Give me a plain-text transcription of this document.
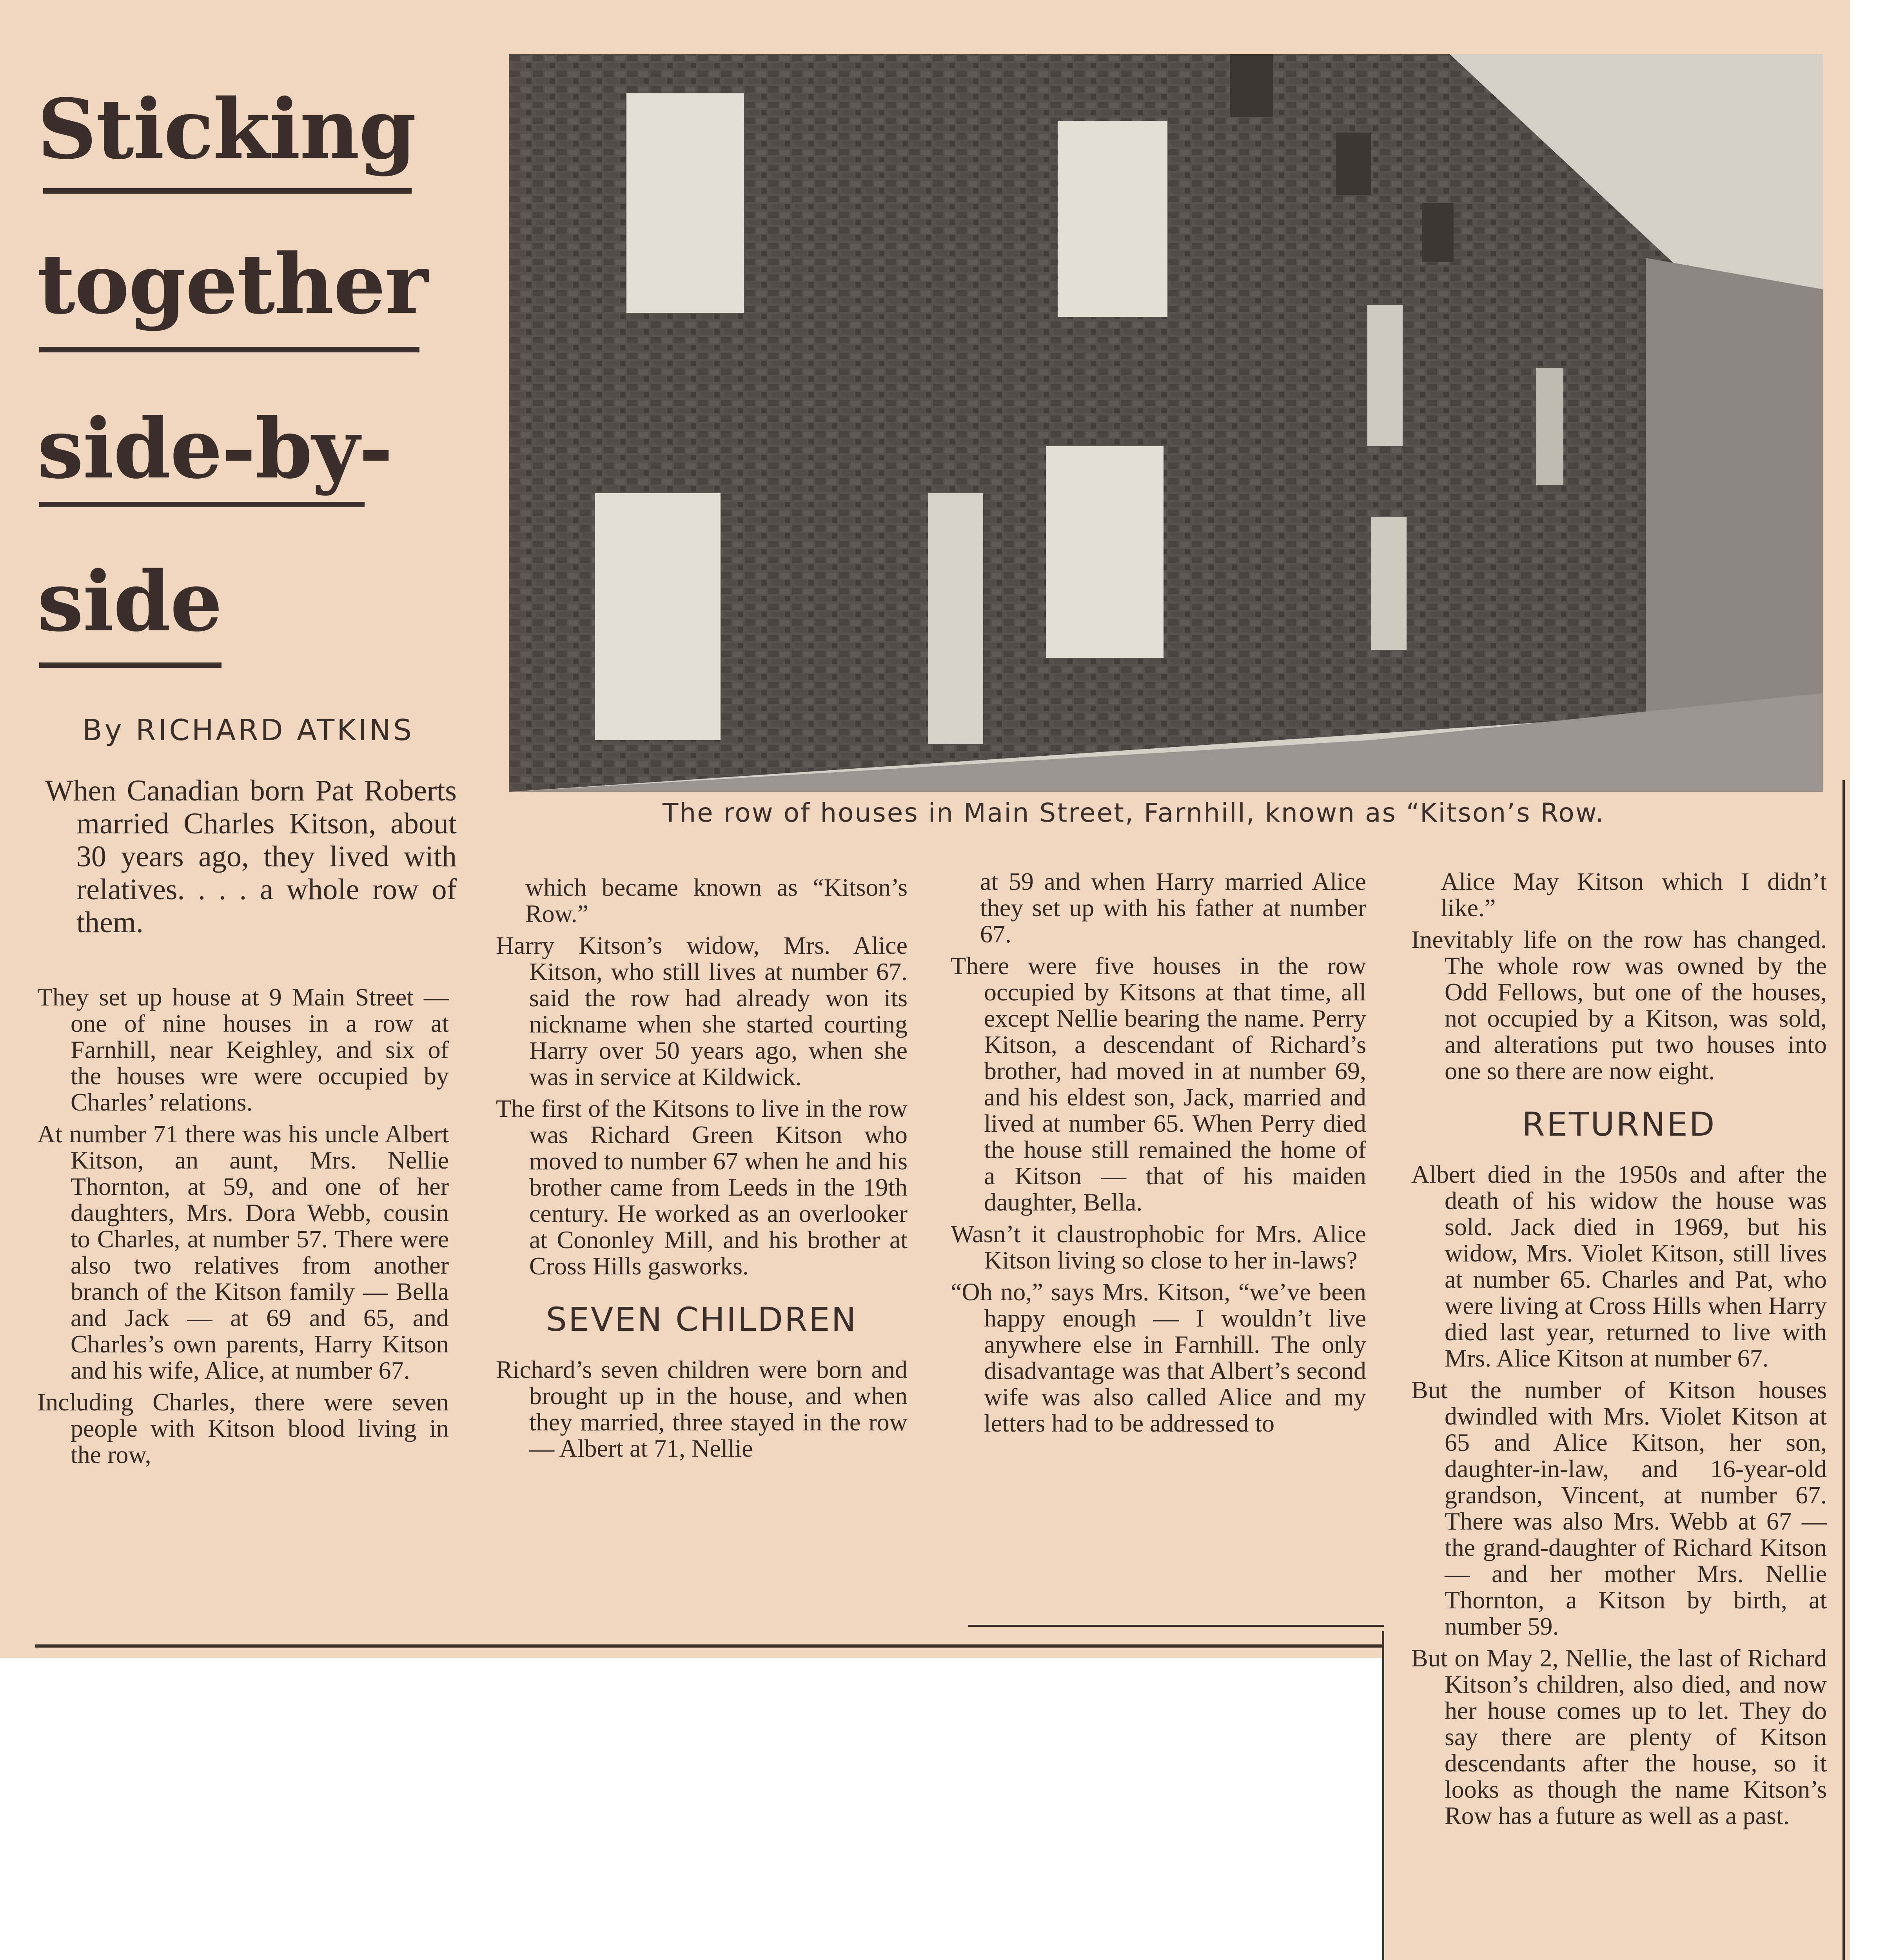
Sticking
together
side-by-
side
By RICHARD ATKINS
The row of houses in Main Street, Farnhill, known as “Kitson’s Row.

When Canadian born Pat Roberts married Charles Kitson, about 30 years ago, they lived with relatives. . . . a whole row of them.

They set up house at 9 Main Street — one of nine houses in a row at Farnhill, near Keighley, and six of the houses wre were occupied by Charles’ relations.

At number 71 there was his uncle Albert Kitson, an aunt, Mrs. Nellie Thornton, at 59, and one of her daughters, Mrs. Dora Webb, cousin to Charles, at number 57. There were also two relatives from another branch of the Kitson family — Bella and Jack — at 69 and 65, and Charles’s own parents, Harry Kitson and his wife, Alice, at number 67.

Including Charles, there were seven people with Kitson blood living in the row,

which became known as “Kitson’s Row.”

Harry Kitson’s widow, Mrs. Alice Kitson, who still lives at number 67. said the row had already won its nickname when she started courting Harry over 50 years ago, when she was in service at Kildwick.

The first of the Kitsons to live in the row was Richard Green Kitson who moved to number 67 when he and his brother came from Leeds in the 19th century. He worked as an overlooker at Cononley Mill, and his brother at Cross Hills gasworks.

SEVEN CHILDREN

Richard’s seven children were born and brought up in the house, and when they married, three stayed in the row — Albert at 71, Nellie

at 59 and when Harry married Alice they set up with his father at number 67.

There were five houses in the row occupied by Kitsons at that time, all except Nellie bearing the name. Perry Kitson, a descendant of Richard’s brother, had moved in at number 69, and his eldest son, Jack, married and lived at number 65. When Perry died the house still remained the home of a Kitson — that of his maiden daughter, Bella.

Wasn’t it claustrophobic for Mrs. Alice Kitson living so close to her in-laws?

“Oh no,” says Mrs. Kitson, “we’ve been happy enough — I wouldn’t live anywhere else in Farnhill. The only disadvantage was that Albert’s second wife was also called Alice and my letters had to be addressed to

Alice May Kitson which I didn’t like.”

Inevitably life on the row has changed. The whole row was owned by the Odd Fellows, but one of the houses, not occupied by a Kitson, was sold, and alterations put two houses into one so there are now eight.

RETURNED

Albert died in the 1950s and after the death of his widow the house was sold. Jack died in 1969, but his widow, Mrs. Violet Kitson, still lives at number 65. Charles and Pat, who were living at Cross Hills when Harry died last year, returned to live with Mrs. Alice Kitson at number 67.

But the number of Kitson houses dwindled with Mrs. Violet Kitson at 65 and Alice Kitson, her son, daughter-in-law, and 16-year-old grandson, Vincent, at number 67. There was also Mrs. Webb at 67 — the grand-daughter of Richard Kitson — and her mother Mrs. Nellie Thornton, a Kitson by birth, at number 59.

But on May 2, Nellie, the last of Richard Kitson’s children, also died, and now her house comes up to let. They do say there are plenty of Kitson descendants after the house, so it looks as though the name Kitson’s Row has a future as well as a past.
